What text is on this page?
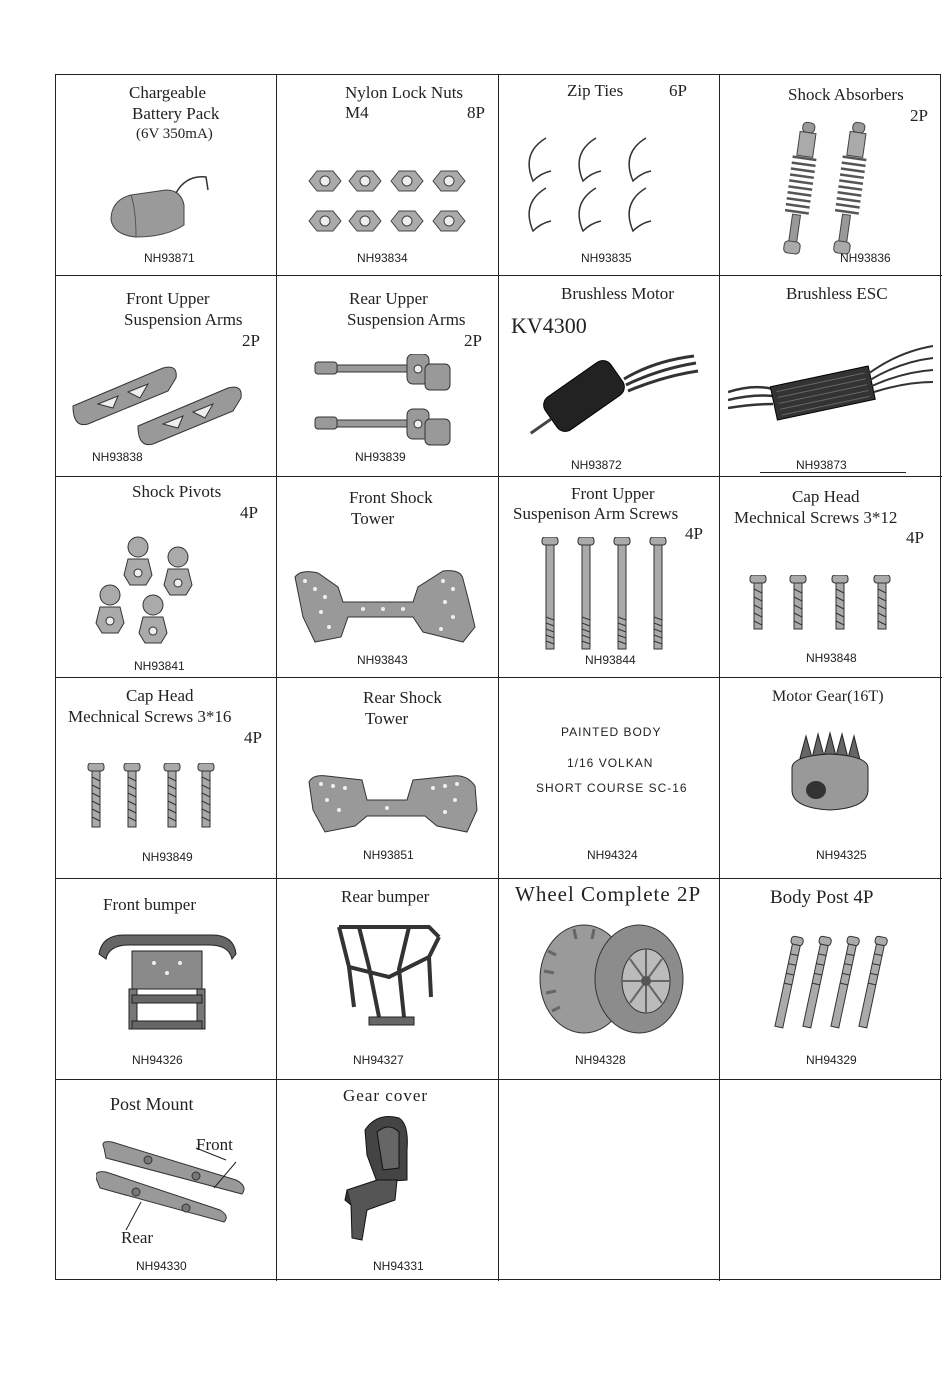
Chargeable
Battery Pack
(6V 350mA)
NH93871
Nylon Lock Nuts
M4	8P
NH93834
Zip Ties	6P
NH93835
Shock Absorbers
2P
NH93836
Front Upper
Suspension Arms
2P
NH93838
Rear Upper
Suspension Arms
2P
NH93839
Brushless Motor
KV4300
NH93872
Brushless ESC
NH93873
Shock Pivots
4P
NH93841
Front Shock
Tower
NH93843
Front Upper
Suspenison Arm Screws
4P
NH93844
Cap Head
Mechnical Screws 3*12
4P
NH93848
Cap Head
Mechnical Screws 3*16
4P
NH93849
Rear Shock
Tower
NH93851
PAINTED BODY
1/16 VOLKAN
SHORT COURSE SC-16
NH94324
Motor Gear(16T)
NH94325
Front bumper
NH94326
Rear bumper
NH94327
Wheel Complete 2P
NH94328
Body Post 4P
NH94329
Post Mount
Front
Rear
NH94330
Gear cover
NH94331
